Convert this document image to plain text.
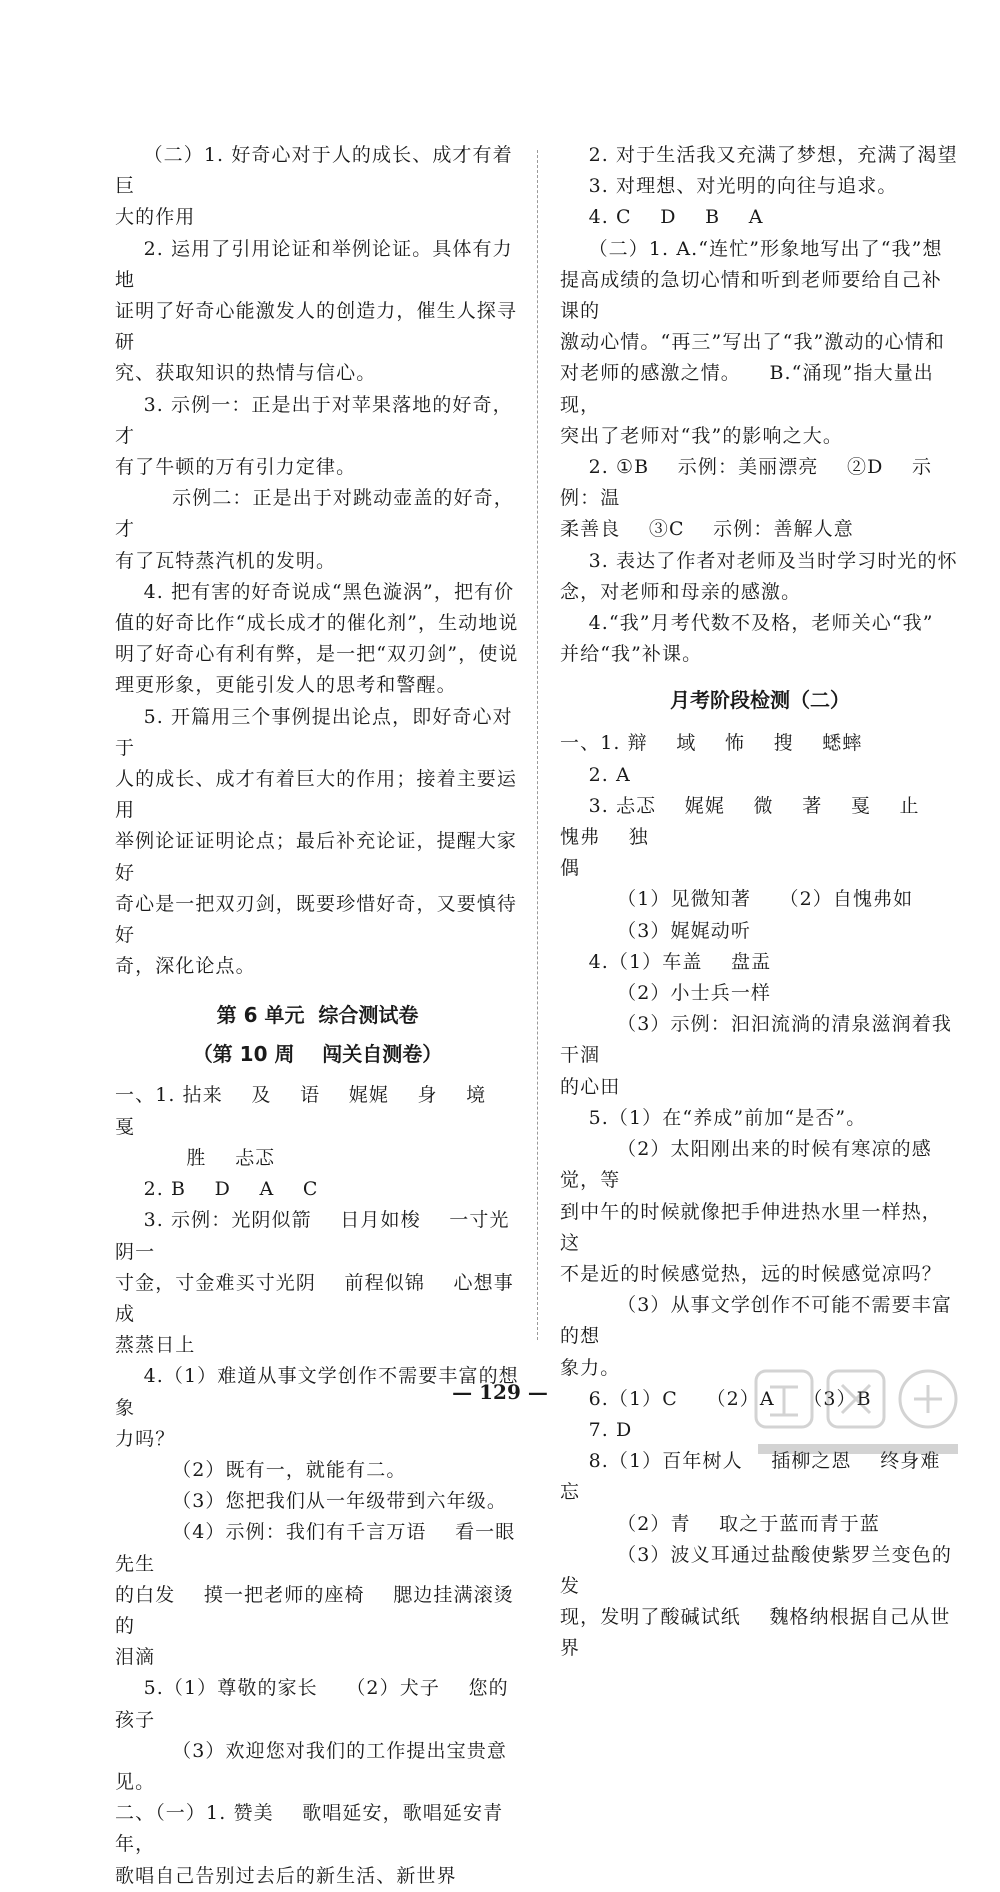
（二）1. 好奇心对于人的成长、成才有着巨
大的作用
2. 运用了引用论证和举例论证。具体有力地
证明了好奇心能激发人的创造力，催生人探寻研
究、获取知识的热情与信心。
3. 示例一：正是出于对苹果落地的好奇，才
有了牛顿的万有引力定律。
示例二：正是出于对跳动壶盖的好奇，才
有了瓦特蒸汽机的发明。
4. 把有害的好奇说成“黑色漩涡”，把有价
值的好奇比作“成长成才的催化剂”，生动地说
明了好奇心有利有弊，是一把“双刃剑”，使说
理更形象，更能引发人的思考和警醒。
5. 开篇用三个事例提出论点，即好奇心对于
人的成长、成才有着巨大的作用；接着主要运用
举例论证证明论点；最后补充论证，提醒大家好
奇心是一把双刃剑，既要珍惜好奇，又要慎待好
奇，深化论点。
第 6 单元  综合测试卷
（第 10 周    闯关自测卷）
一、1. 拈来    及    语    娓娓    身    境    戛
胜    忐忑
2. B    D    A    C
3. 示例：光阴似箭    日月如梭    一寸光阴一
寸金，寸金难买寸光阴    前程似锦    心想事成
蒸蒸日上
4.（1）难道从事文学创作不需要丰富的想象
力吗？
（2）既有一，就能有二。
（3）您把我们从一年级带到六年级。
（4）示例：我们有千言万语    看一眼先生
的白发    摸一把老师的座椅    腮边挂满滚烫的
泪滴
5.（1）尊敬的家长    （2）犬子    您的孩子
（3）欢迎您对我们的工作提出宝贵意见。
二、（一）1. 赞美    歌唱延安，歌唱延安青年，
歌唱自己告别过去后的新生活、新世界
2. 对于生活我又充满了梦想，充满了渴望
3. 对理想、对光明的向往与追求。
4. C    D    B    A
（二）1. A.“连忙”形象地写出了“我”想
提高成绩的急切心情和听到老师要给自己补课的
激动心情。“再三”写出了“我”激动的心情和
对老师的感激之情。    B.“涌现”指大量出现，
突出了老师对“我”的影响之大。
2. ①B    示例：美丽漂亮    ②D    示例：温
柔善良    ③C    示例：善解人意
3. 表达了作者对老师及当时学习时光的怀
念，对老师和母亲的感激。
4.“我”月考代数不及格，老师关心“我”
并给“我”补课。
月考阶段检测（二）
一、1. 辩    域    怖    搜    蟋蟀
2. A
3. 忐忑    娓娓    微    著    戛    止    愧弗    独
偶
（1）见微知著    （2）自愧弗如
（3）娓娓动听
4.（1）车盖    盘盂
（2）小士兵一样
（3）示例：汩汩流淌的清泉滋润着我干涸
的心田
5.（1）在“养成”前加“是否”。
（2）太阳刚出来的时候有寒凉的感觉，等
到中午的时候就像把手伸进热水里一样热，这
不是近的时候感觉热，远的时候感觉凉吗？
（3）从事文学创作不可能不需要丰富的想
象力。
6.（1）C    （2）A    （3）B
7. D
8.（1）百年树人    插柳之恩    终身难忘
（2）青    取之于蓝而青于蓝
（3）波义耳通过盐酸使紫罗兰变色的发
现，发明了酸碱试纸    魏格纳根据自己从世界
— 129 —
